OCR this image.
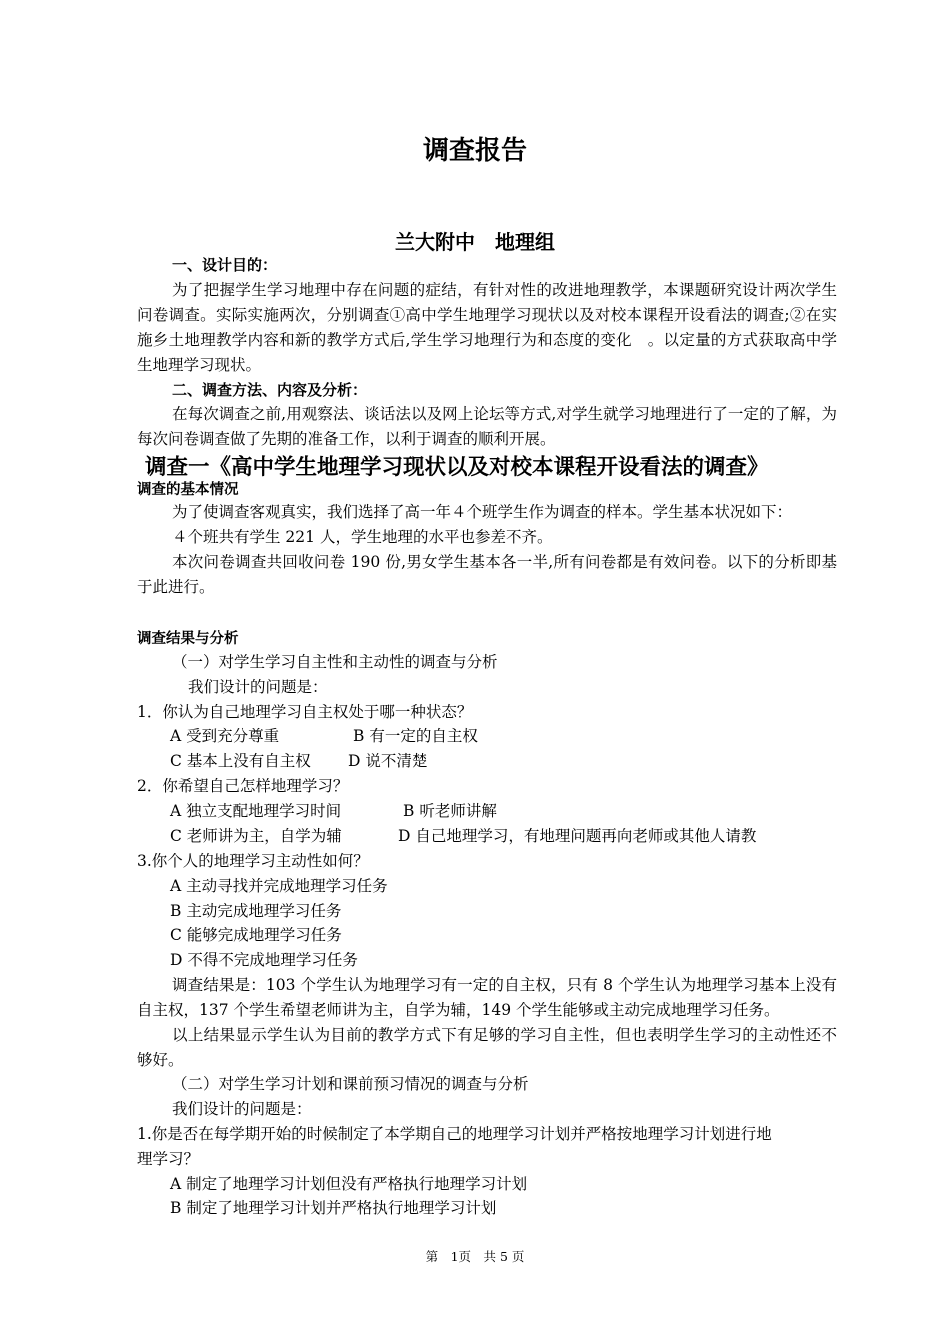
调查报告
兰大附中　地理组
一、设计目的：

为了把握学生学习地理中存在问题的症结，有针对性的改进地理教学，本课题研究设计两次学生问卷调查。实际实施两次，分别调查①高中学生地理学习现状以及对校本课程开设看法的调查;②在实施乡土地理教学内容和新的教学方式后,学生学习地理行为和态度的变化　。以定量的方式获取高中学生地理学习现状。

二、调查方法、内容及分析：

在每次调查之前,用观察法、谈话法以及网上论坛等方式,对学生就学习地理进行了一定的了解，为每次问卷调查做了先期的准备工作，以利于调查的顺利开展。

调查一《高中学生地理学习现状以及对校本课程开设看法的调查》
调查的基本情况

为了使调查客观真实，我们选择了高一年４个班学生作为调查的样本。学生基本状况如下：

４个班共有学生 221 人，学生地理的水平也参差不齐。

本次问卷调查共回收问卷 190 份,男女学生基本各一半,所有问卷都是有效问卷。以下的分析即基于此进行。

调查结果与分析
（一）对学生学习自主性和主动性的调查与分析
我们设计的问题是：
1．你认为自己地理学习自主权处于哪一种状态？
A 受到充分尊重	B 有一定的自主权
C 基本上没有自主权 D 说不清楚
2．你希望自己怎样地理学习？
A 独立支配地理学习时间	B 听老师讲解
C 老师讲为主，自学为辅	D 自己地理学习，有地理问题再向老师或其他人请教
3.你个人的地理学习主动性如何？
A 主动寻找并完成地理学习任务
B 主动完成地理学习任务
C 能够完成地理学习任务
D 不得不完成地理学习任务

调查结果是：103 个学生认为地理学习有一定的自主权，只有 8 个学生认为地理学习基本上没有自主权，137 个学生希望老师讲为主，自学为辅，149 个学生能够或主动完成地理学习任务。

以上结果显示学生认为目前的教学方式下有足够的学习自主性，但也表明学生学习的主动性还不够好。

（二）对学生学习计划和课前预习情况的调查与分析
我们设计的问题是：
1.你是否在每学期开始的时候制定了本学期自己的地理学习计划并严格按地理学习计划进行地
理学习？
A 制定了地理学习计划但没有严格执行地理学习计划
B 制定了地理学习计划并严格执行地理学习计划
第　1页　共 5 页
